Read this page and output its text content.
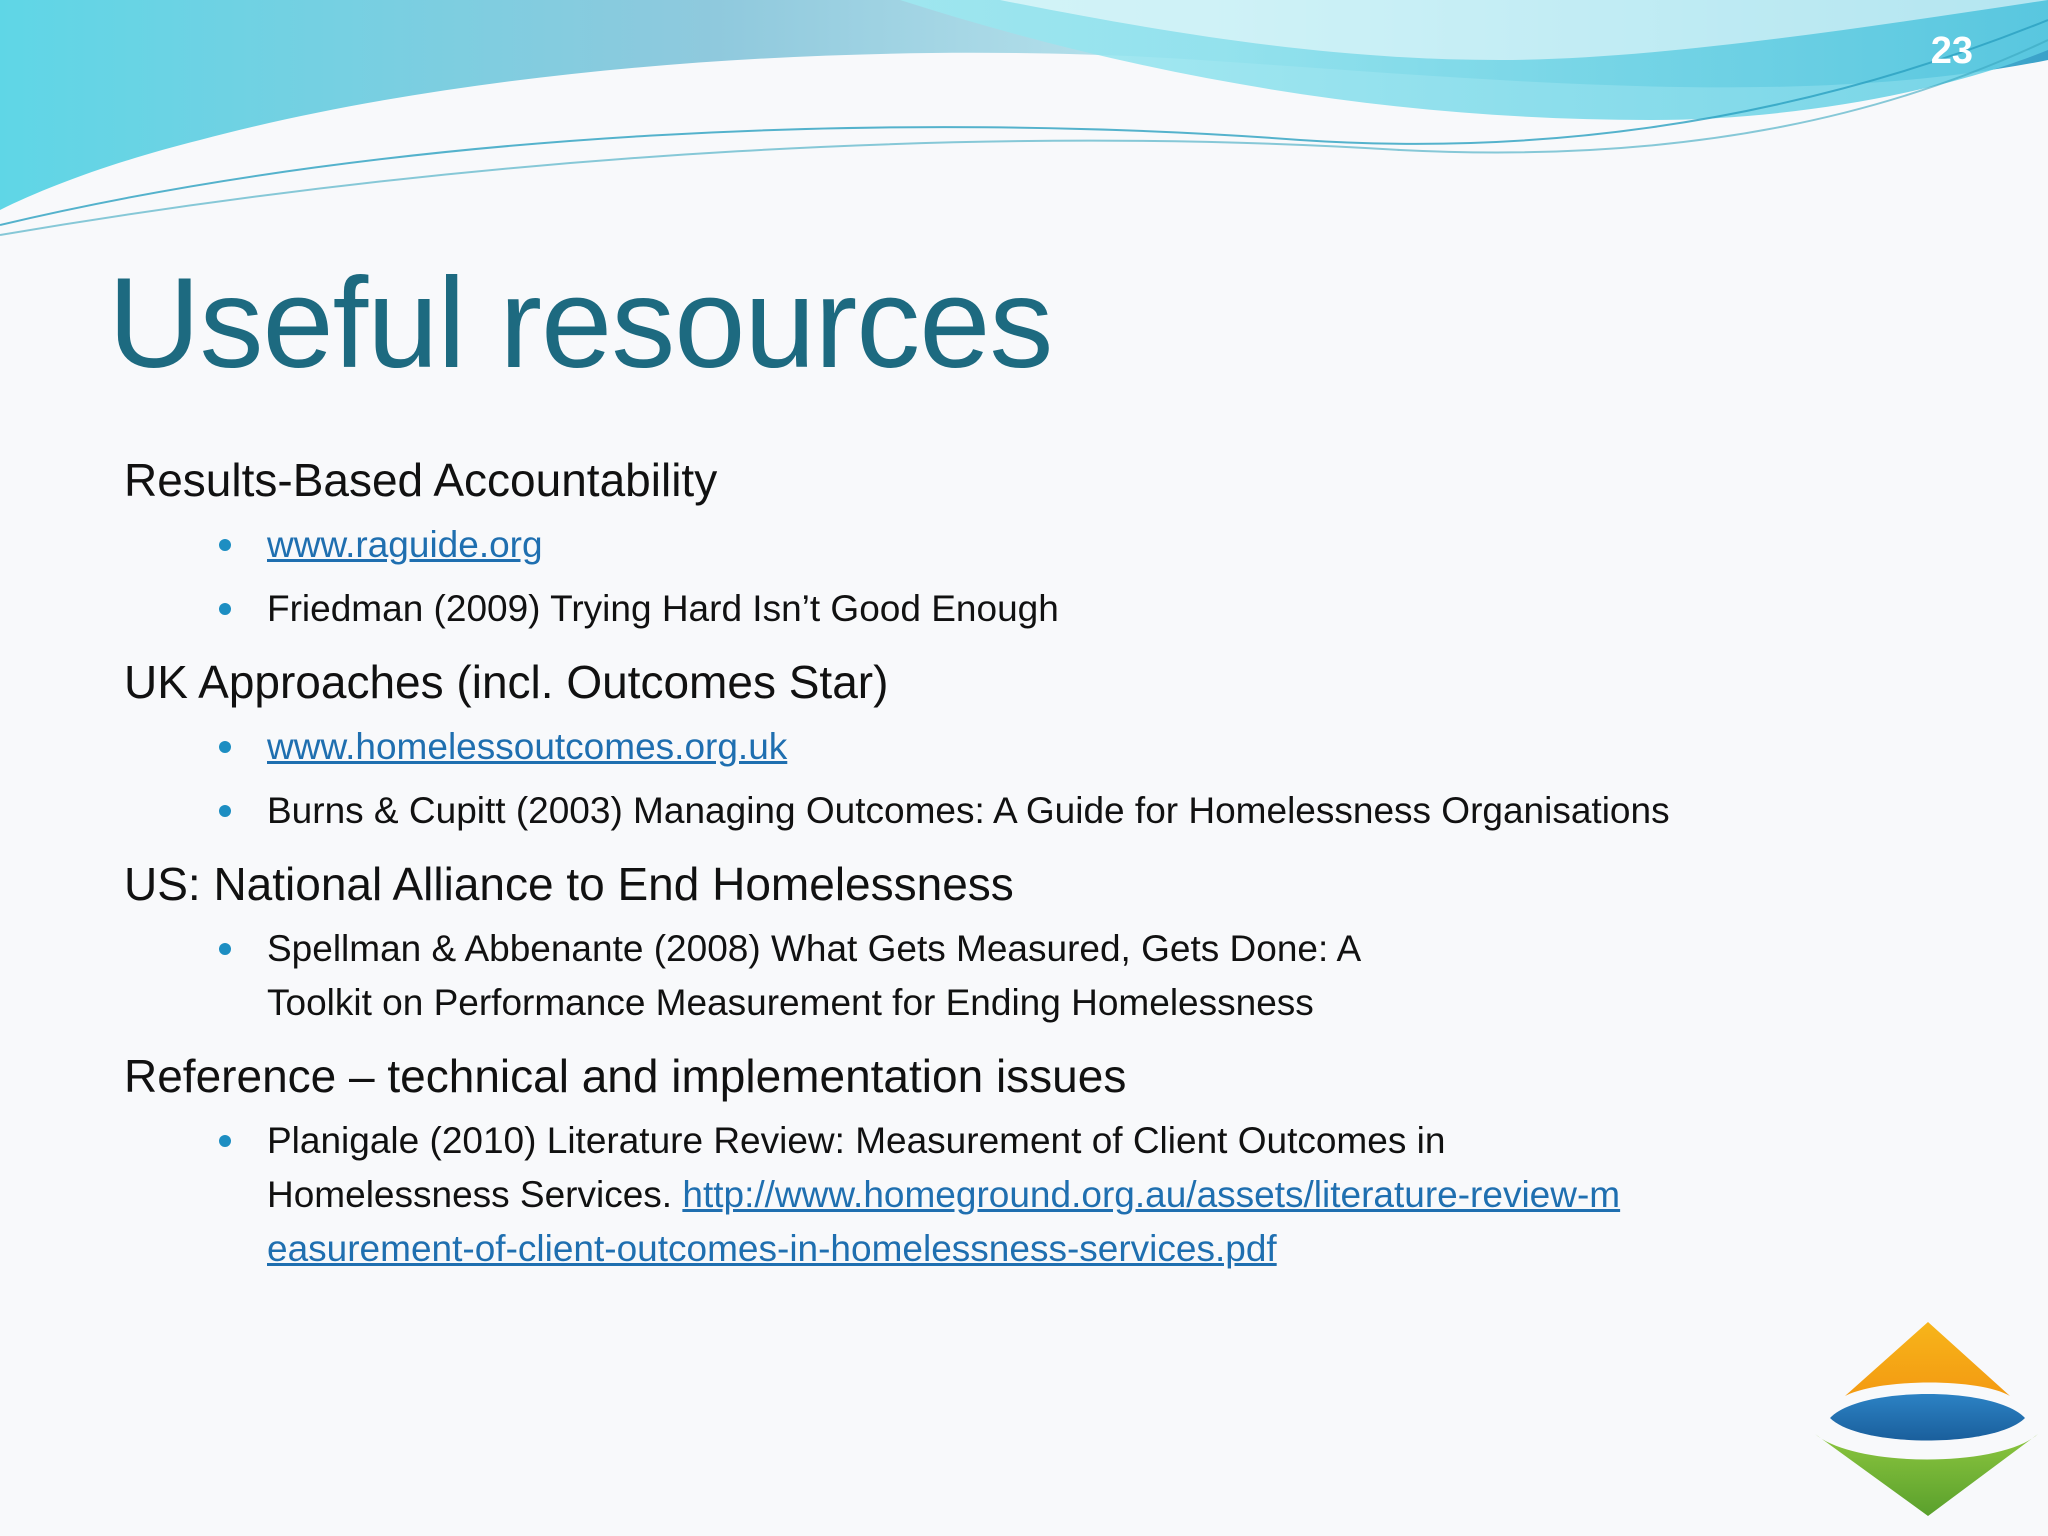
23
Useful resources
Results-Based Accountability
www.raguide.org
Friedman (2009) Trying Hard Isn’t Good Enough
UK Approaches (incl. Outcomes Star)
www.homelessoutcomes.org.uk
Burns & Cupitt (2003) Managing Outcomes: A Guide for Homelessness Organisations
US: National Alliance to End Homelessness
Spellman & Abbenante (2008) What Gets Measured, Gets Done: A Toolkit on Performance Measurement for Ending Homelessness
Reference – technical and implementation issues
Planigale (2010) Literature Review: Measurement of Client Outcomes in Homelessness Services. http://www.homeground.org.au/assets/literature-review-measurement-of-client-outcomes-in-homelessness-services.pdf
